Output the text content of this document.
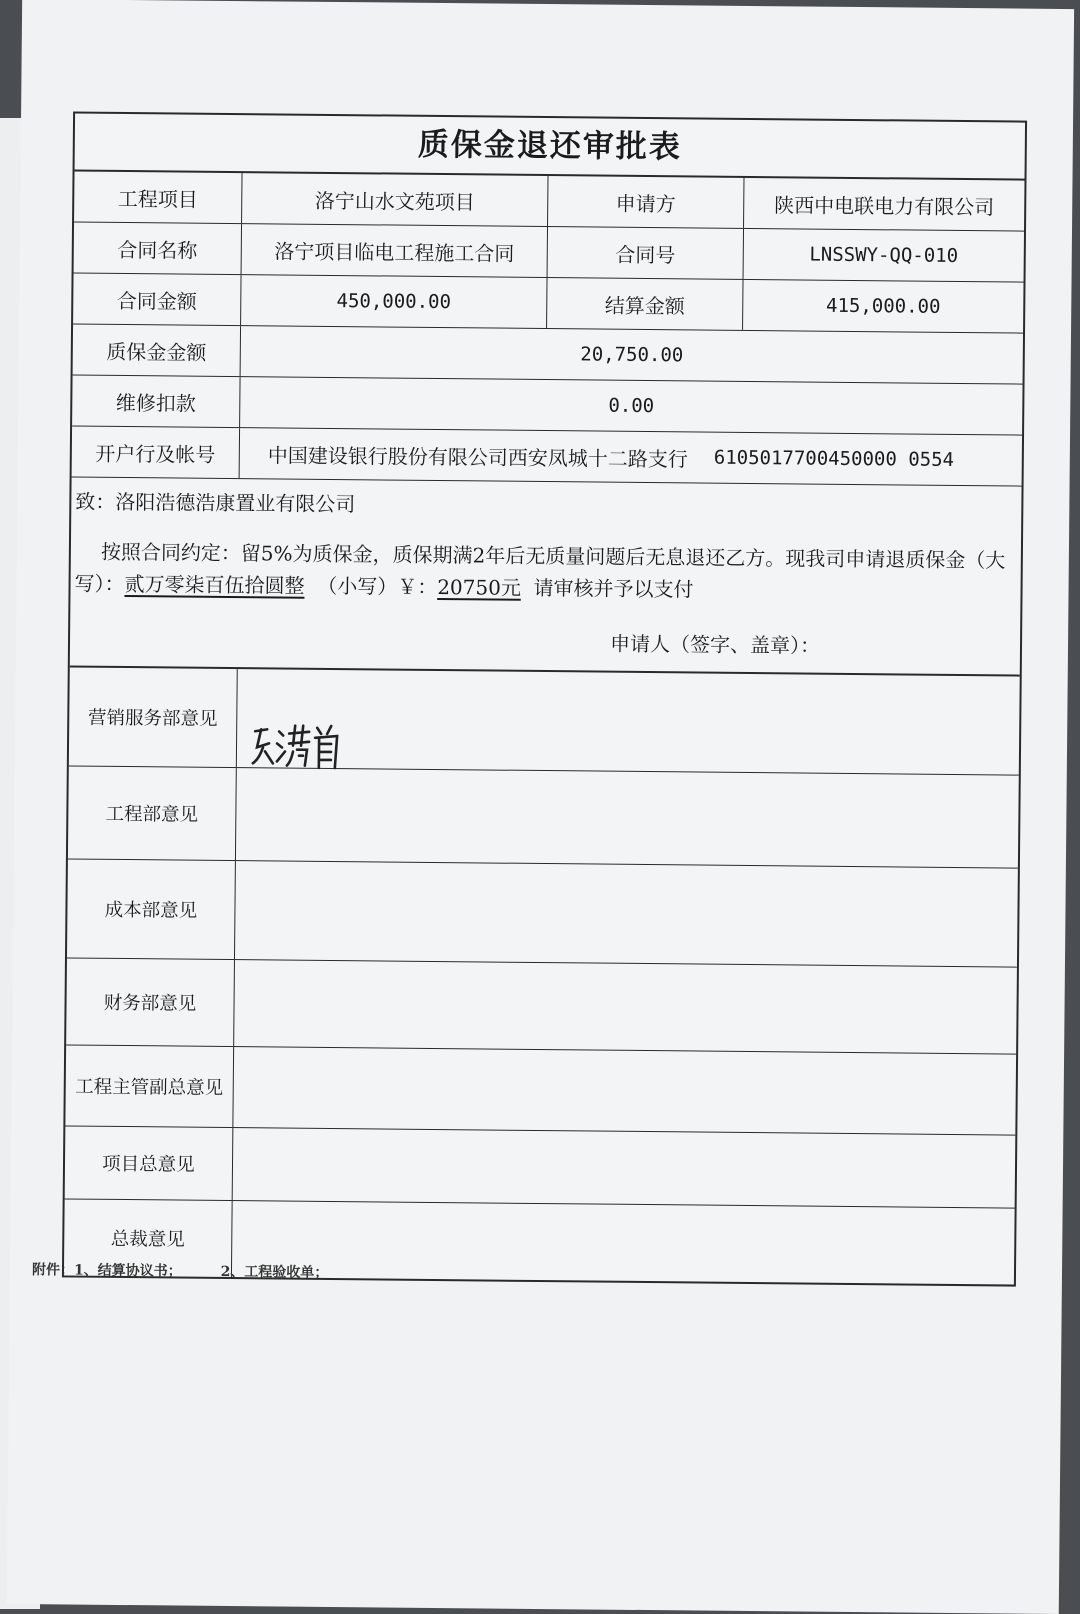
质保金退还审批表
工程项目	洛宁山水文苑项目	申请方	陕西中电联电力有限公司
合同名称	洛宁项目临电工程施工合同	合同号	LNSSWY-QQ-010
合同金额	450,000.00	结算金额	415,000.00
质保金金额	20,750.00
维修扣款	0.00
开户行及帐号	中国建设银行股份有限公司西安凤城十二路支行 6105017700450000 0554
致：洛阳浩德浩康置业有限公司
按照合同约定：留5%为质保金，质保期满2年后无质量问题后无息退还乙方。现我司申请退质保金（大写）：贰万零柒百伍拾圆整 （小写）￥：20750元 请审核并予以支付
申请人（签字、盖章）：
营销服务部意见
工程部意见
成本部意见
财务部意见
工程主管副总意见
项目总意见
总裁意见
附件：1、结算协议书；	2、工程验收单；
